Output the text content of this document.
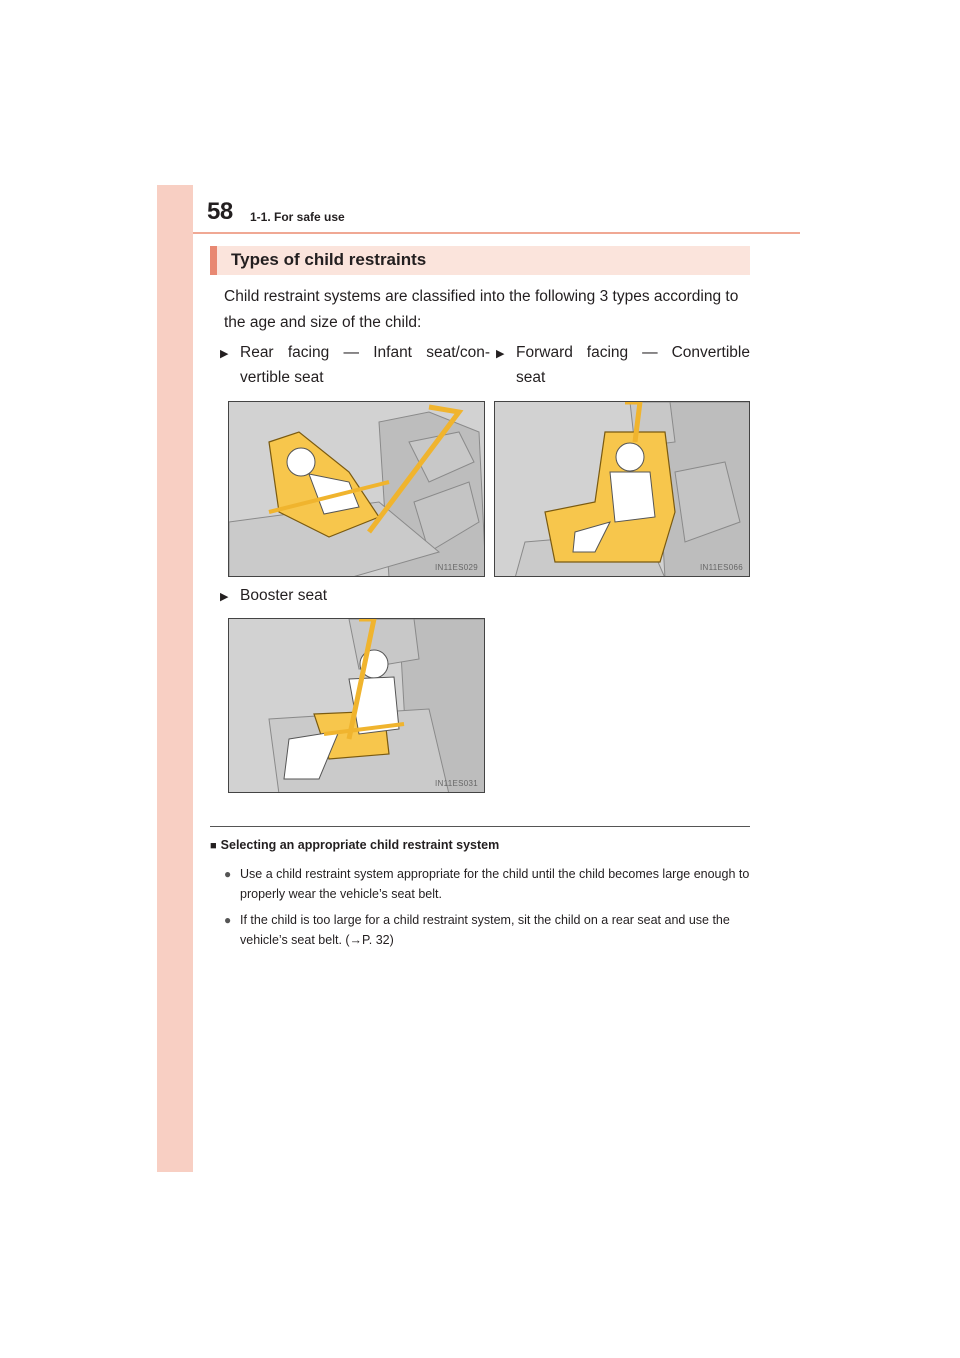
58 1-1. For safe use
Types of child restraints
Child restraint systems are classified into the following 3 types according to the age and size of the child:
▶ Rear facing — Infant seat/con-vertible seat
▶ Forward facing — Convertible seat
IN11ES029	IN11ES066
▶ Booster seat
IN11ES031
■ Selecting an appropriate child restraint system
● Use a child restraint system appropriate for the child until the child becomes large enough to properly wear the vehicle’s seat belt.
● If the child is too large for a child restraint system, sit the child on a rear seat and use the vehicle’s seat belt. (→P. 32)
